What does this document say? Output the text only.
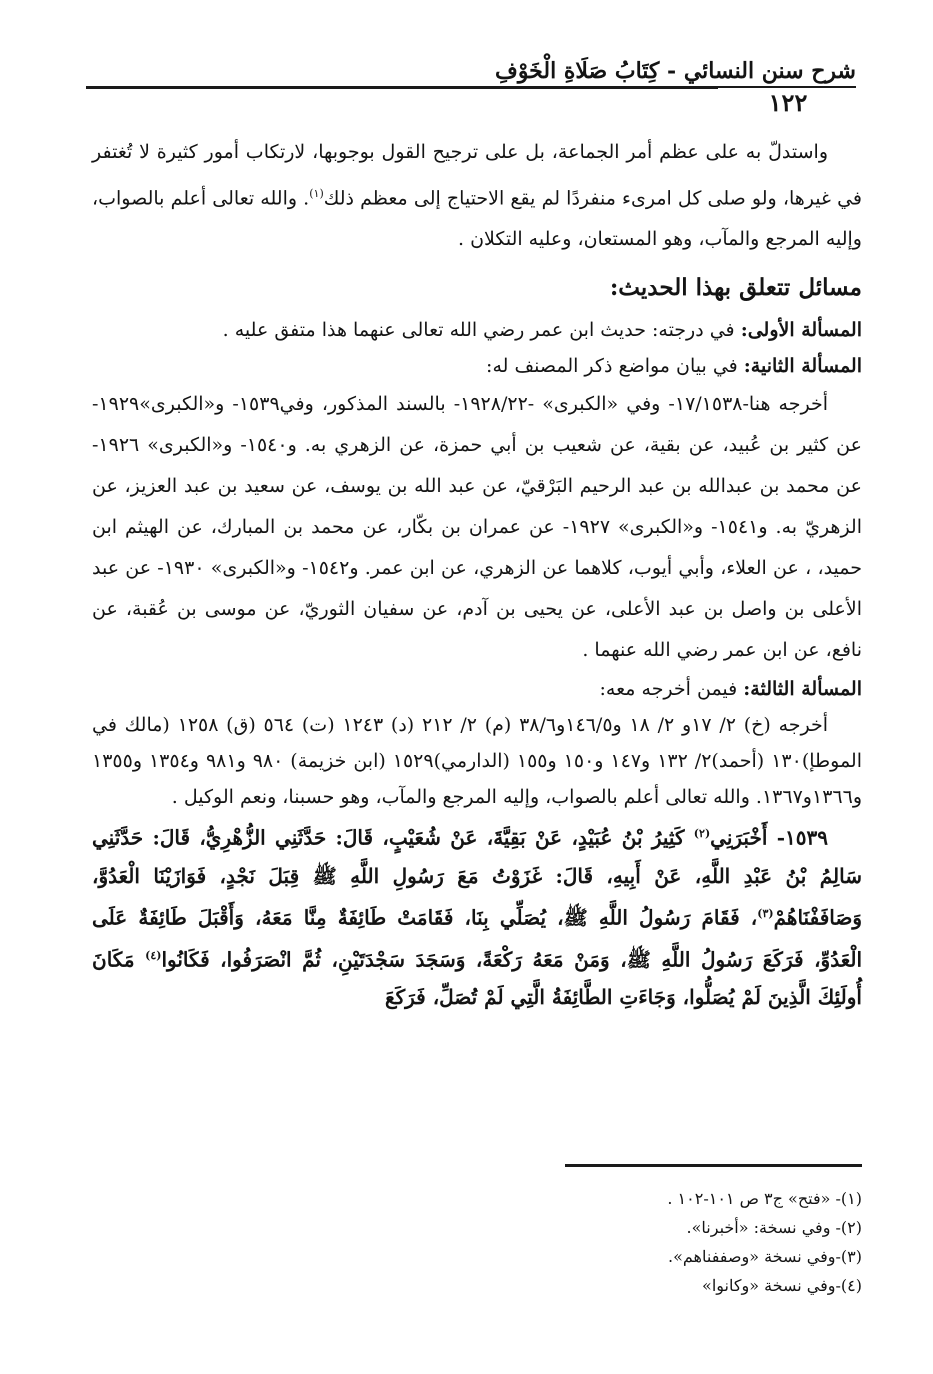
شرح سنن النسائي - كِتَابُ صَلَاةِ الْخَوْفِ
١٢٢

واستدلّ به على عظم أمر الجماعة، بل على ترجيح القول بوجوبها، لارتكاب أمور كثيرة لا تُغتفر في غيرها، ولو صلى كل امرىء منفردًا لم يقع الاحتياج إلى معظم ذلك$^{(١)}$. والله تعالى أعلم بالصواب، وإليه المرجع والمآب، وهو المستعان، وعليه التكلان .

مسائل تتعلق بهذا الحديث:

المسألة الأولى: في درجته: حديث ابن عمر رضي الله تعالى عنهما هذا متفق عليه .

المسألة الثانية: في بيان مواضع ذكر المصنف له:

أخرجه هنا-١٧/١٥٣٨- وفي «الكبرى» -١٩٢٨/٢٢- بالسند المذكور، وفي١٥٣٩- و«الكبرى»١٩٢٩- عن كثير بن عُبيد، عن بقية، عن شعيب بن أبي حمزة، عن الزهري به. و١٥٤٠- و«الكبرى» ١٩٢٦- عن محمد بن عبدالله بن عبد الرحيم البَرْقيّ، عن عبد الله بن يوسف، عن سعيد بن عبد العزيز، عن الزهريّ به. و١٥٤١- و«الكبرى» ١٩٢٧- عن عمران بن بكّار، عن محمد بن المبارك، عن الهيثم ابن حميد، ، عن العلاء، وأبي أيوب، كلاهما عن الزهري، عن ابن عمر. و١٥٤٢- و«الكبرى» ١٩٣٠- عن عبد الأعلى بن واصل بن عبد الأعلى، عن يحيى بن آدم، عن سفيان الثوريّ، عن موسى بن عُقبة، عن نافع، عن ابن عمر رضي الله عنهما .

المسألة الثالثة: فيمن أخرجه معه:

أخرجه (خ) ٢/ ١٧و ٢/ ١٨ و١٤٦/٥و٣٨/٦ (م) ٢/ ٢١٢ (د) ١٢٤٣ (ت) ٥٦٤ (ق) ١٢٥٨ (مالك في الموطإ)١٣٠ (أحمد)٢/ ١٣٢ و١٤٧ و١٥٠ و١٥٥ (الدارمي)١٥٢٩ (ابن خزيمة) ٩٨٠ و٩٨١ و١٣٥٤ و١٣٥٥ و١٣٦٦و١٣٦٧. والله تعالى أعلم بالصواب، وإليه المرجع والمآب، وهو حسبنا، ونعم الوكيل .

١٥٣٩- أَخْبَرَنِي$^{(٢)}$ كَثِيرُ بْنُ عُبَيْدٍ، عَنْ بَقِيَّةَ، عَنْ شُعَيْبٍ، قَالَ: حَدَّثَنِي الزُّهْرِيُّ، قَالَ: حَدَّثَنِي سَالِمُ بْنُ عَبْدِ اللَّهِ، عَنْ أَبِيهِ، قَالَ: غَزَوْتُ مَعَ رَسُولِ اللَّهِ ﷺ قِبَلَ نَجْدٍ، فَوَازَيْنَا الْعَدُوَّ، وَصَافَفْنَاهُمْ$^{(٣)}$، فَقَامَ رَسُولُ اللَّهِ ﷺ، يُصَلِّي بِنَا، فَقَامَتْ طَائِفَةٌ مِنَّا مَعَهُ، وَأَقْبَلَ طَائِفَةٌ عَلَى الْعَدُوِّ، فَرَكَعَ رَسُولُ اللَّهِ ﷺ، وَمَنْ مَعَهُ رَكْعَةً، وَسَجَدَ سَجْدَتَيْنِ، ثُمَّ انْصَرَفُوا، فَكَانُوا$^{(٤)}$ مَكَانَ أُولَئِكَ الَّذِينَ لَمْ يُصَلُّوا، وَجَاءَتِ الطَّائِفَةُ الَّتِي لَمْ تُصَلِّ، فَرَكَعَ

(١)- «فتح» ج٣ ص ١٠١-١٠٢ .
(٢)- وفي نسخة: «أخبرنا».
(٣)-وفي نسخة «وصففناهم».
(٤)-وفي نسخة «وكانوا»
